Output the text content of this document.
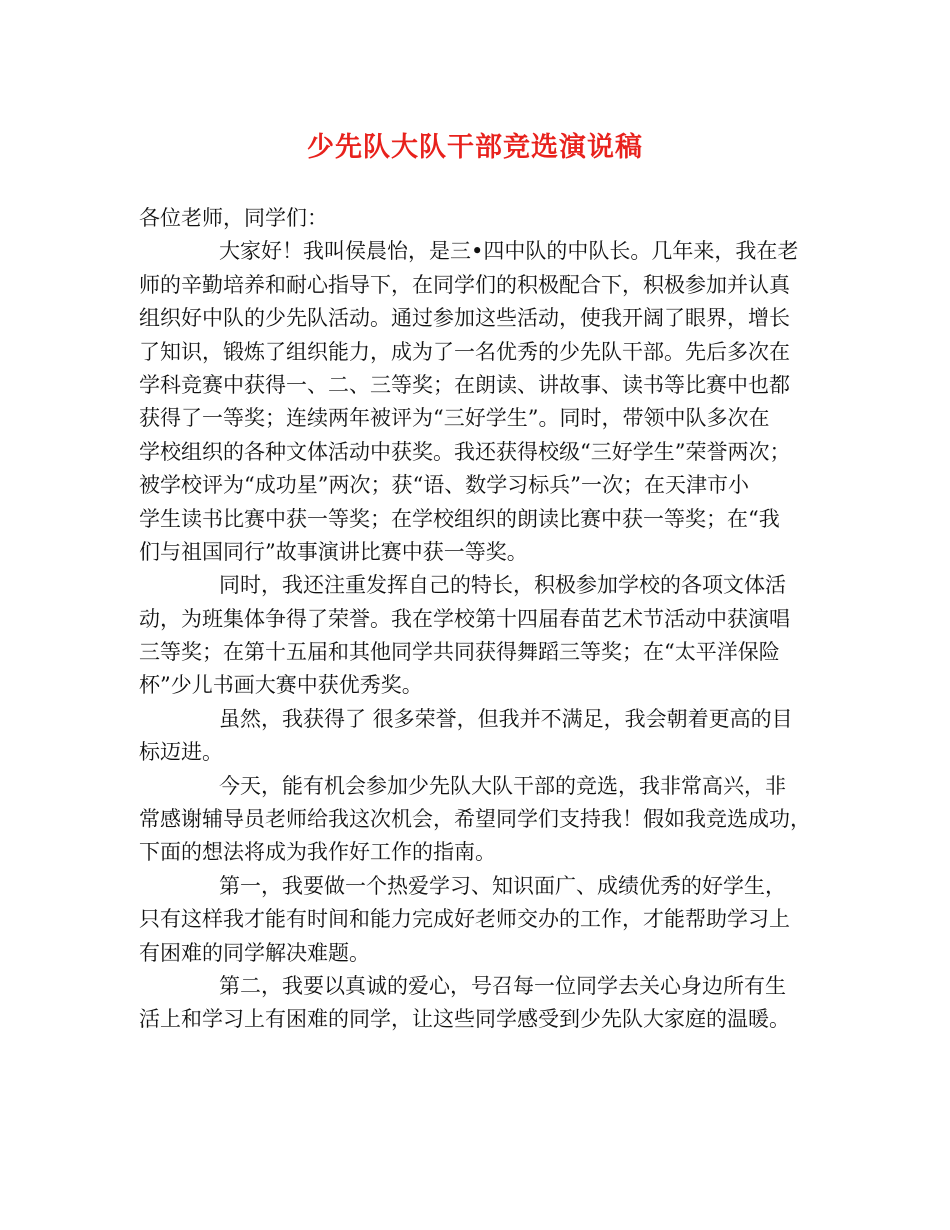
少先队大队干部竞选演说稿
各位老师，同学们：
大家好！我叫侯晨怡，是三•四中队的中队长。几年来，我在老
师的辛勤培养和耐心指导下，在同学们的积极配合下，积极参加并认真
组织好中队的少先队活动。通过参加这些活动，使我开阔了眼界，增长
了知识，锻炼了组织能力，成为了一名优秀的少先队干部。先后多次在
学科竞赛中获得一、二、三等奖；在朗读、讲故事、读书等比赛中也都
获得了一等奖；连续两年被评为“三好学生”。同时，带领中队多次在
学校组织的各种文体活动中获奖。我还获得校级“三好学生”荣誉两次；
被学校评为“成功星”两次；获“语、数学习标兵”一次；在天津市小
学生读书比赛中获一等奖；在学校组织的朗读比赛中获一等奖；在“我
们与祖国同行”故事演讲比赛中获一等奖。
同时，我还注重发挥自己的特长，积极参加学校的各项文体活
动，为班集体争得了荣誉。我在学校第十四届春苗艺术节活动中获演唱
三等奖；在第十五届和其他同学共同获得舞蹈三等奖；在“太平洋保险
杯”少儿书画大赛中获优秀奖。
虽然，我获得了 很多荣誉，但我并不满足，我会朝着更高的目
标迈进。
今天，能有机会参加少先队大队干部的竞选，我非常高兴，非
常感谢辅导员老师给我这次机会，希望同学们支持我！假如我竞选成功，
下面的想法将成为我作好工作的指南。
第一，我要做一个热爱学习、知识面广、成绩优秀的好学生，
只有这样我才能有时间和能力完成好老师交办的工作，才能帮助学习上
有困难的同学解决难题。
第二，我要以真诚的爱心，号召每一位同学去关心身边所有生
活上和学习上有困难的同学，让这些同学感受到少先队大家庭的温暖。
